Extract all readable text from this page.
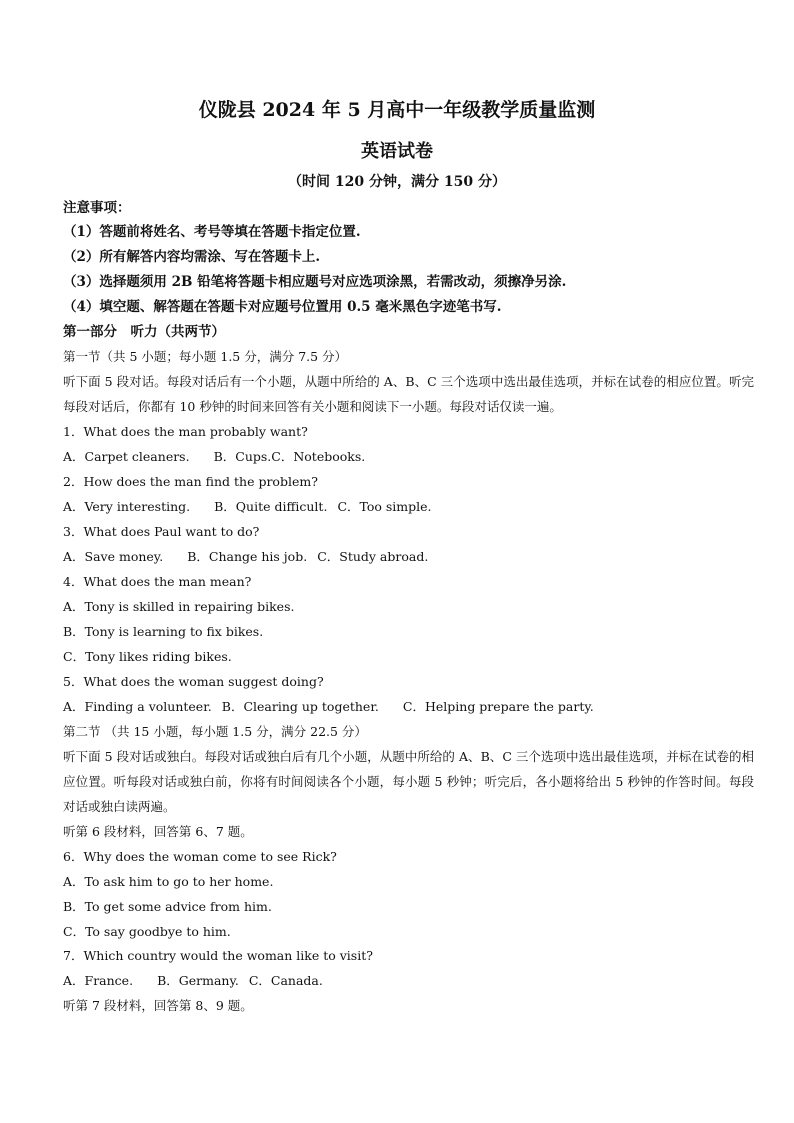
仪陇县 2024 年 5 月高中一年级教学质量监测
英语试卷
（时间 120 分钟，满分 150 分）
注意事项：
（1）答题前将姓名、考号等填在答题卡指定位置.
（2）所有解答内容均需涂、写在答题卡上.
（3）选择题须用 2B 铅笔将答题卡相应题号对应选项涂黑，若需改动，须擦净另涂.
（4）填空题、解答题在答题卡对应题号位置用 0.5 毫米黑色字迹笔书写.
第一部分　听力（共两节）
第一节（共 5 小题；每小题 1.5 分，满分 7.5 分）
听下面 5 段对话。每段对话后有一个小题，从题中所给的 A、B、C 三个选项中选出最佳选项，并标在试卷的相应位置。听完每段对话后，你都有 10 秒钟的时间来回答有关小题和阅读下一小题。每段对话仅读一遍。
1．What does the man probably want?
A．Carpet cleaners. B．Cups.C．Notebooks.
2．How does the man find the problem?
A．Very interesting. B．Quite difficult. C．Too simple.
3．What does Paul want to do?
A．Save money. B．Change his job. C．Study abroad.
4．What does the man mean?
A．Tony is skilled in repairing bikes.
B．Tony is learning to fix bikes.
C．Tony likes riding bikes.
5．What does the woman suggest doing?
A．Finding a volunteer. B．Clearing up together. C．Helping prepare the party.
第二节 （共 15 小题，每小题 1.5 分，满分 22.5 分）
听下面 5 段对话或独白。每段对话或独白后有几个小题，从题中所给的 A、B、C 三个选项中选出最佳选项，并标在试卷的相应位置。听每段对话或独白前，你将有时间阅读各个小题，每小题 5 秒钟；听完后，各小题将给出 5 秒钟的作答时间。每段对话或独白读两遍。
听第 6 段材料，回答第 6、7 题。
6．Why does the woman come to see Rick?
A．To ask him to go to her home.
B．To get some advice from him.
C．To say goodbye to him.
7．Which country would the woman like to visit?
A．France. B．Germany. C．Canada.
听第 7 段材料，回答第 8、9 题。
